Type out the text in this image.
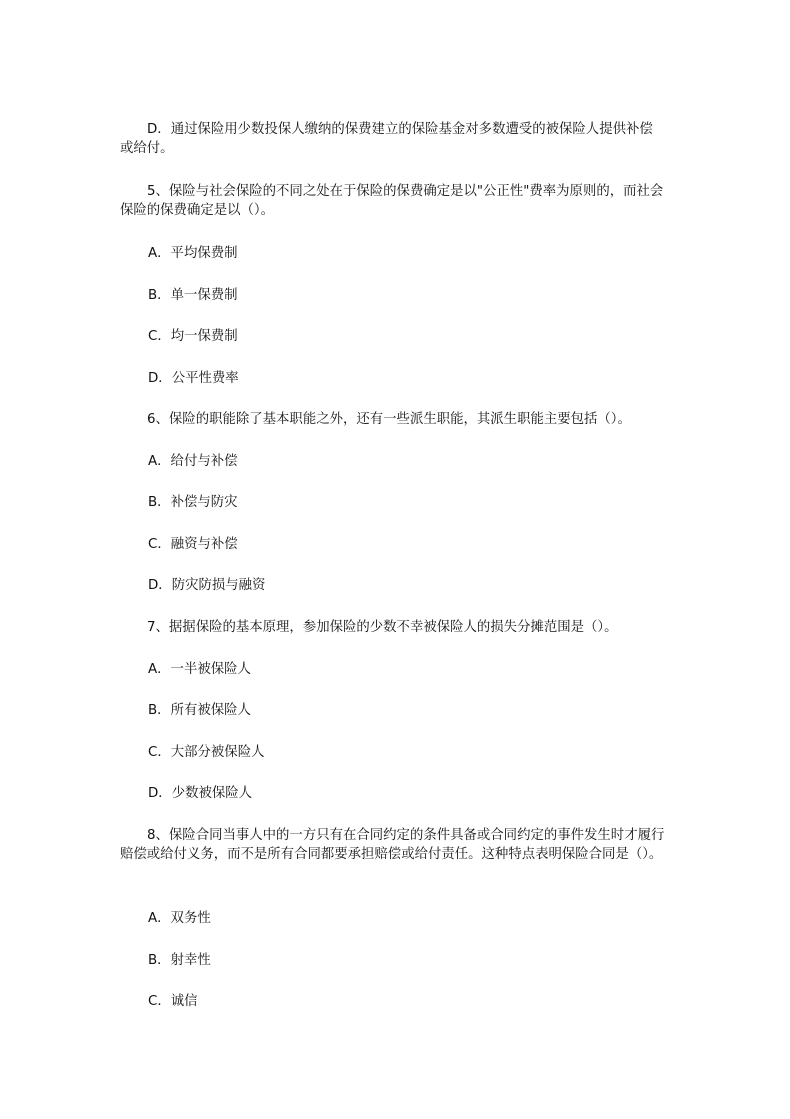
D．通过保险用少数投保人缴纳的保费建立的保险基金对多数遭受的被保险人提供补偿或给付。

5、保险与社会保险的不同之处在于保险的保费确定是以"公正性"费率为原则的，而社会保险的保费确定是以（）。

A．平均保费制

B．单一保费制

C．均一保费制

D．公平性费率

6、保险的职能除了基本职能之外，还有一些派生职能，其派生职能主要包括（）。

A．给付与补偿

B．补偿与防灾

C．融资与补偿

D．防灾防损与融资

7、据据保险的基本原理，参加保险的少数不幸被保险人的损失分摊范围是（）。

A．一半被保险人

B．所有被保险人

C．大部分被保险人

D．少数被保险人

8、保险合同当事人中的一方只有在合同约定的条件具备或合同约定的事件发生时才履行赔偿或给付义务，而不是所有合同都要承担赔偿或给付责任。这种特点表明保险合同是（）。

A．双务性

B．射幸性

C．诚信
